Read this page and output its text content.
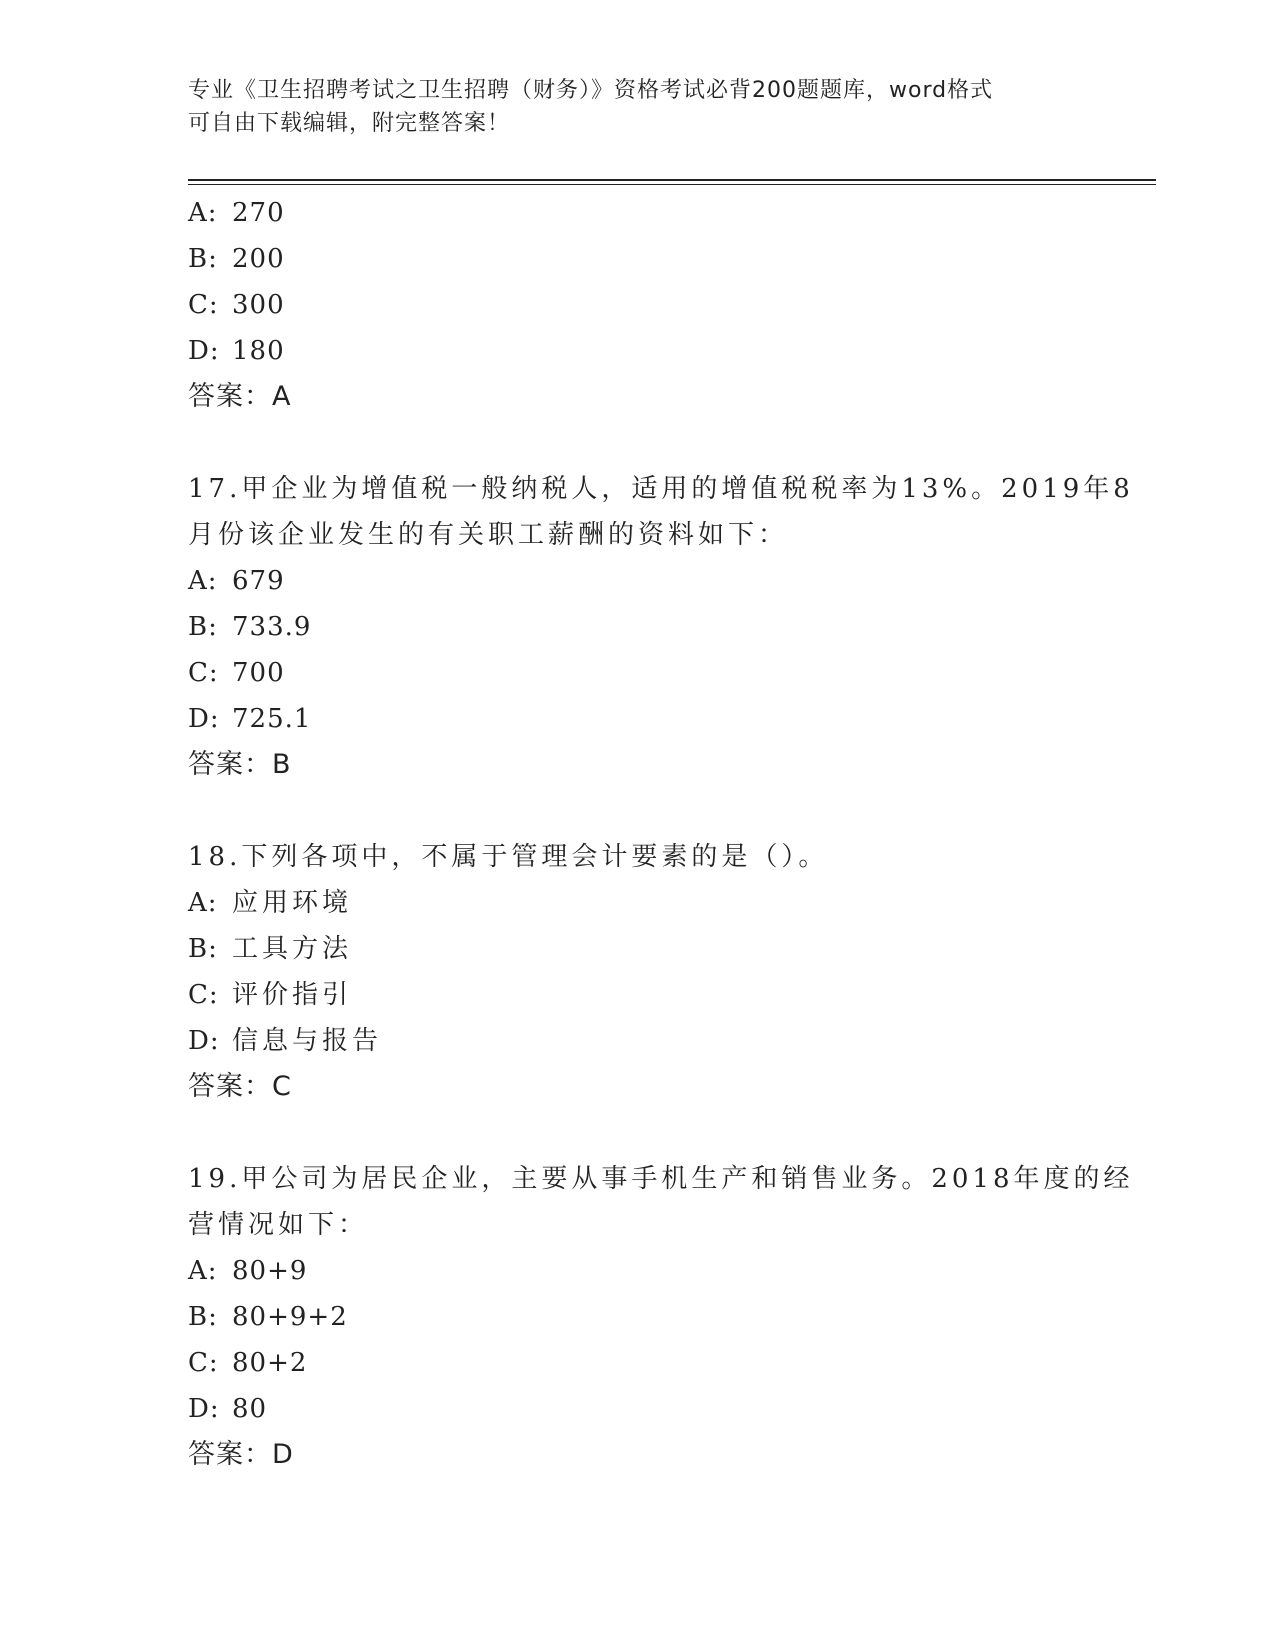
专业《卫生招聘考试之卫生招聘（财务）》资格考试必背200题题库，word格式
可自由下载编辑，附完整答案！
A: 270
B: 200
C: 300
D: 180
答案：A
17.甲企业为增值税一般纳税人，适用的增值税税率为13%。2019年8
月份该企业发生的有关职工薪酬的资料如下：
A: 679
B: 733.9
C: 700
D: 725.1
答案：B
18.下列各项中，不属于管理会计要素的是（）。
A: 应用环境
B: 工具方法
C: 评价指引
D: 信息与报告
答案：C
19.甲公司为居民企业，主要从事手机生产和销售业务。2018年度的经
营情况如下：
A: 80+9
B: 80+9+2
C: 80+2
D: 80
答案：D
